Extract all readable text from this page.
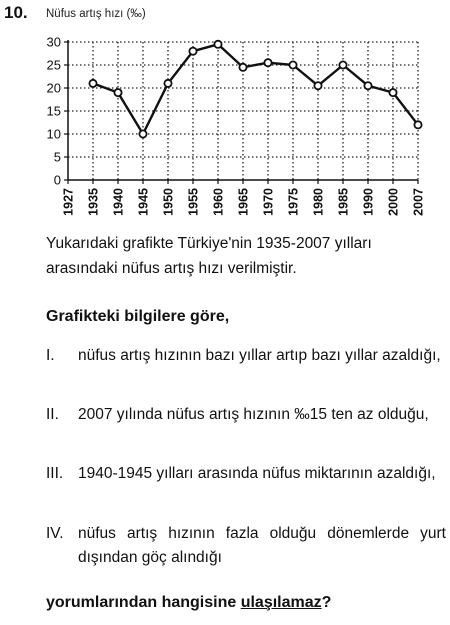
10. Nüfus artış hızı (‰)
0
5
10
15
20
25
30
1927 1935 1940 1945 1950 1955 1960 1965 1970 1975 1980 1985 1990 2000 2007
Yukarıdaki grafikte Türkiye'nin 1935-2007 yılları arasındaki nüfus artış hızı verilmiştir.
Grafikteki bilgilere göre,
I.	nüfus artış hızının bazı yıllar artıp bazı yıllar azaldığı,
II.	2007 yılında nüfus artış hızının ‰15 ten az olduğu,
III. 1940-1945 yılları arasında nüfus miktarının azaldığı,
IV. nüfus artış hızının fazla olduğu dönemlerde yurt dışından göç alındığı
yorumlarından hangisine ulaşılamaz?
